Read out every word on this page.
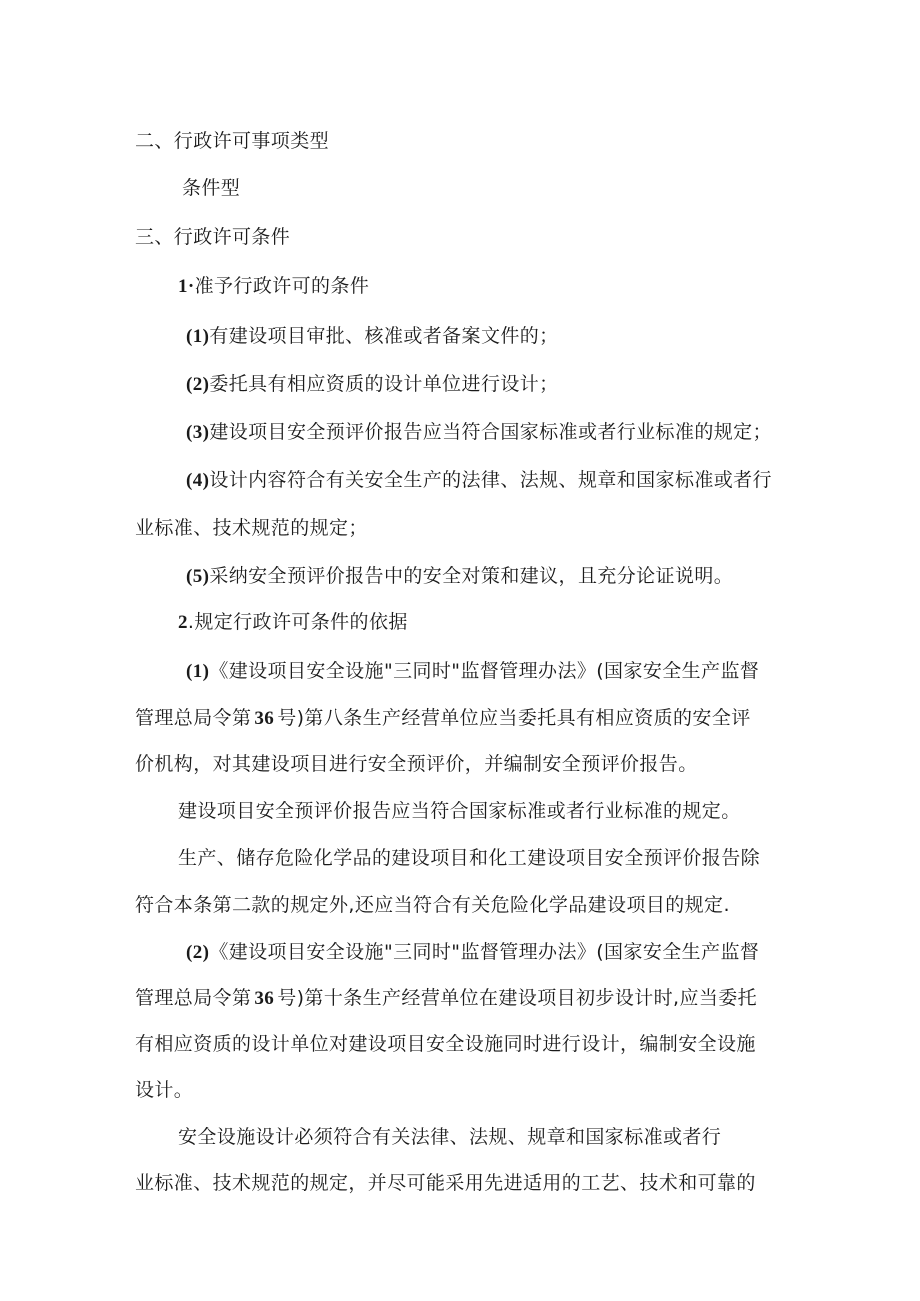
二、行政许可事项类型
条件型
三、行政许可条件
1·准予行政许可的条件
(1)有建设项目审批、核准或者备案文件的；
(2)委托具有相应资质的设计单位进行设计；
(3)建设项目安全预评价报告应当符合国家标准或者行业标准的规定；
(4)设计内容符合有关安全生产的法律、法规、规章和国家标准或者行
业标准、技术规范的规定；
(5)采纳安全预评价报告中的安全对策和建议，且充分论证说明。
2.规定行政许可条件的依据
(1)《建设项目安全设施"三同时"监督管理办法》(国家安全生产监督
管理总局令第 36 号)第八条生产经营单位应当委托具有相应资质的安全评
价机构，对其建设项目进行安全预评价，并编制安全预评价报告。
建设项目安全预评价报告应当符合国家标准或者行业标准的规定。
生产、储存危险化学品的建设项目和化工建设项目安全预评价报告除
符合本条第二款的规定外,还应当符合有关危险化学品建设项目的规定.
(2)《建设项目安全设施"三同时"监督管理办法》(国家安全生产监督
管理总局令第 36 号)第十条生产经营单位在建设项目初步设计时,应当委托
有相应资质的设计单位对建设项目安全设施同时进行设计，编制安全设施
设计。
安全设施设计必须符合有关法律、法规、规章和国家标准或者行
业标准、技术规范的规定，并尽可能采用先进适用的工艺、技术和可靠的
